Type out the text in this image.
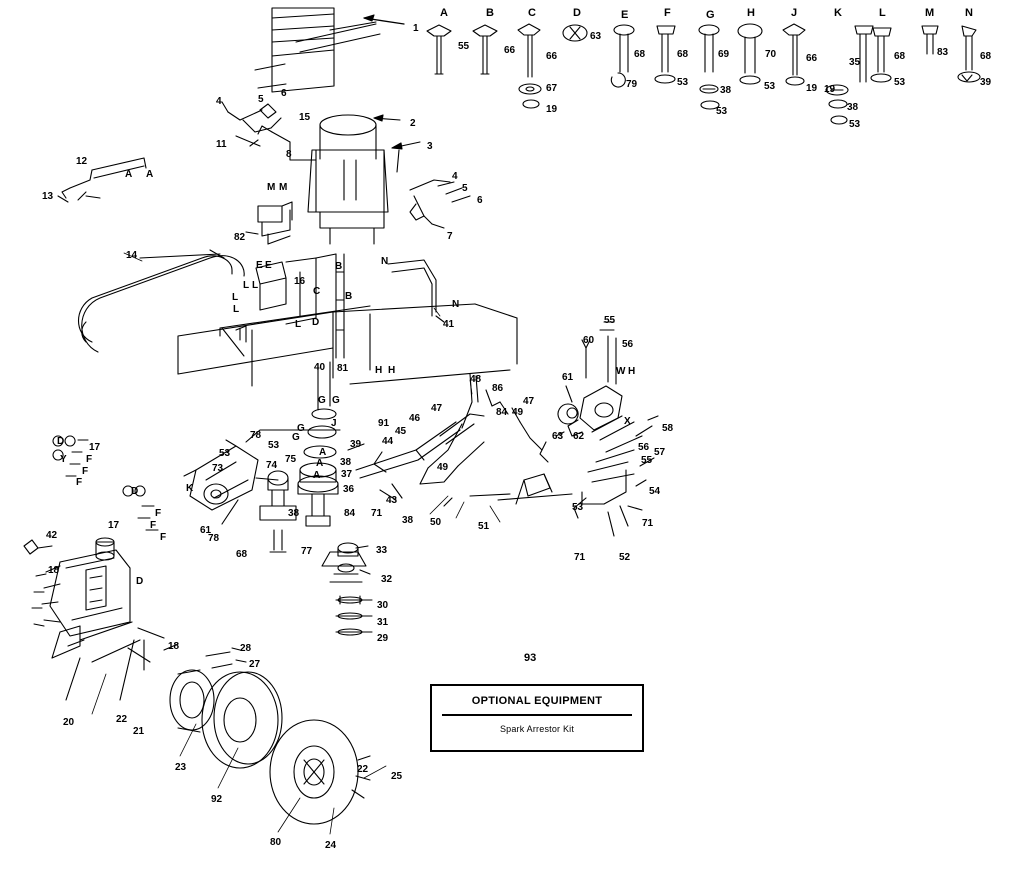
A	B	C	D	E	F	G	H	J	K	L	M	N
55	66
66
67
19
63
68
79
68
53
69
38
53
70
53
66
19
35
19
38
53
68
53
83	68
39
1
2
3
4	5
6
11
15
8
12
13
14
4
5
6
7
82
16
41
48	61
60
55
56
62
46
47
86
84 49
47
63
91
45
44
39
78
53
53
73	74
75
17
17
42
K
61
78
68	77
38	84 71
38 50	51
49
43
37
38
36
40 81
G
33
32
30
31
29
55
56 57
58
54
71
71	52
53
18
20	22
21
23
92
80	24
25
22
27
28
18
A A
M M
E E
L L
L
L
L D
C
B
B
N
N
H H
G G
J
G
A
A
A
F
Y
F
F
D
D
F
F
F
W H
X
D
93
OPTIONAL EQUIPMENT
Spark Arrestor Kit
